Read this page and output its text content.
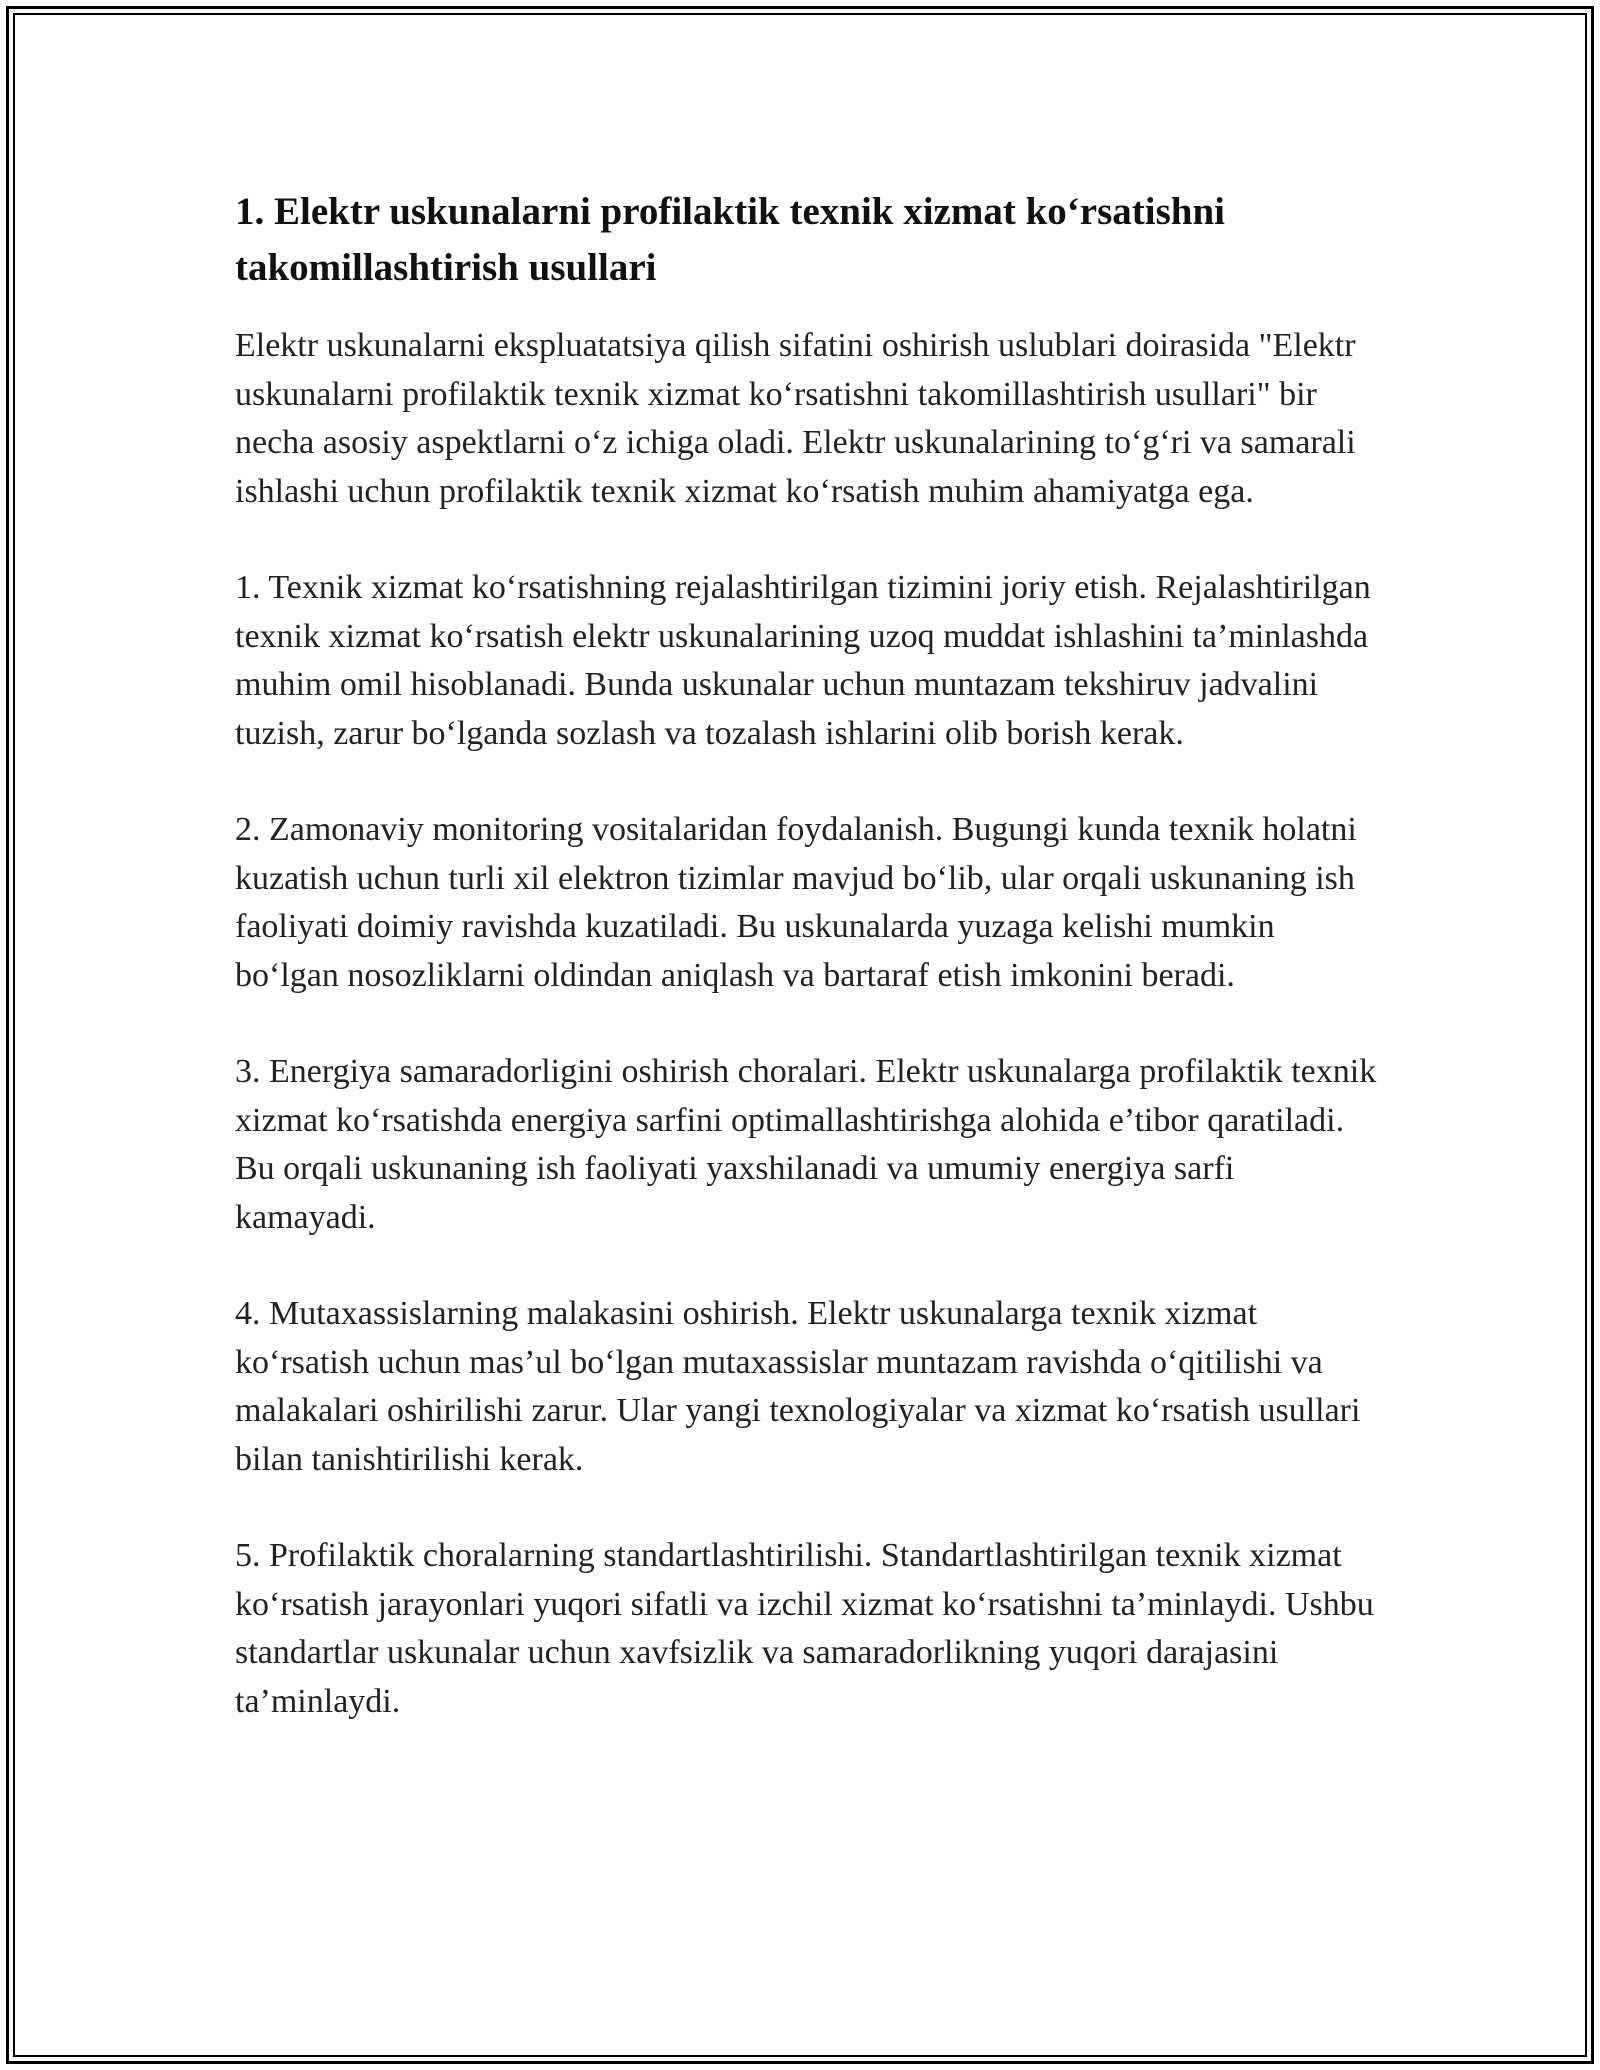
1. Elektr uskunalarni profilaktik texnik xizmat ko‘rsatishni takomillashtirish usullari

Elektr uskunalarni ekspluatatsiya qilish sifatini oshirish uslublari doirasida "Elektr uskunalarni profilaktik texnik xizmat ko‘rsatishni takomillashtirish usullari" bir necha asosiy aspektlarni o‘z ichiga oladi. Elektr uskunalarining to‘g‘ri va samarali ishlashi uchun profilaktik texnik xizmat ko‘rsatish muhim ahamiyatga ega.

1. Texnik xizmat ko‘rsatishning rejalashtirilgan tizimini joriy etish. Rejalashtirilgan texnik xizmat ko‘rsatish elektr uskunalarining uzoq muddat ishlashini ta’minlashda muhim omil hisoblanadi. Bunda uskunalar uchun muntazam tekshiruv jadvalini tuzish, zarur bo‘lganda sozlash va tozalash ishlarini olib borish kerak.

2. Zamonaviy monitoring vositalaridan foydalanish. Bugungi kunda texnik holatni kuzatish uchun turli xil elektron tizimlar mavjud bo‘lib, ular orqali uskunaning ish faoliyati doimiy ravishda kuzatiladi. Bu uskunalarda yuzaga kelishi mumkin bo‘lgan nosozliklarni oldindan aniqlash va bartaraf etish imkonini beradi.

3. Energiya samaradorligini oshirish choralari. Elektr uskunalarga profilaktik texnik xizmat ko‘rsatishda energiya sarfini optimallashtirishga alohida e’tibor qaratiladi. Bu orqali uskunaning ish faoliyati yaxshilanadi va umumiy energiya sarfi kamayadi.

4. Mutaxassislarning malakasini oshirish. Elektr uskunalarga texnik xizmat ko‘rsatish uchun mas’ul bo‘lgan mutaxassislar muntazam ravishda o‘qitilishi va malakalari oshirilishi zarur. Ular yangi texnologiyalar va xizmat ko‘rsatish usullari bilan tanishtirilishi kerak.

5. Profilaktik choralarning standartlashtirilishi. Standartlashtirilgan texnik xizmat ko‘rsatish jarayonlari yuqori sifatli va izchil xizmat ko‘rsatishni ta’minlaydi. Ushbu standartlar uskunalar uchun xavfsizlik va samaradorlikning yuqori darajasini ta’minlaydi.
